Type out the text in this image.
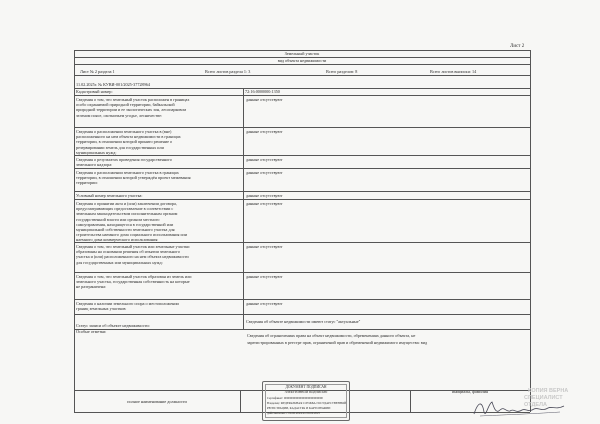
Лист 2
Земельный участок
вид объекта недвижимости
Лист № 2 раздела 1	Всего листов раздела 1: 3	Всего разделов: 8	Всего листов выписки: 14
11.02.2025г. № КУВИ-001/2025-37728964
Кадастровый номер:	72:16:0000000:1350
Сведения о том, что земельный участок расположен в границах
особо охраняемой природной территории, 6айкальской
природной территории и ее экологических зон, лесопарковом
зеленом поясе, охотничьем угодье, лесничестве:
данные отсутствуют
Сведения о расположении земельного участка в (вне)
расположенного на нем объекта недвижимости в границах
территории, в отношении которой принято решение о
резервировании земель для государственных или
муниципальных нужд:
данные отсутствуют
Сведения о результатах проведения государственного
земельного надзора:
данные отсутствуют
Сведения о расположении земельного участка в границах
территории, в отношении которой утверждён проект межевания
территории:
данные отсутствуют
Условный номер земельного участка:	данные отсутствуют
Сведения о принятии акта и (или) заключении договора,
предусматривающих предоставление в соответствии с
земельным законодательством исполнительным органом
государственной власти или органом местного
самоуправления, находящегося в государственной или
муниципальной собственности земельного участка для
строительства наемного дома социального использования или
наемного дома коммерческого использования:
данные отсутствуют
Сведения о том, что земельный участок или земельные участки
образованы на основании решения об изъятии земельного
участка и (или) расположенного на нем объекта недвижимости
для государственных или муниципальных нужд:
данные отсутствуют
Сведения о том, что земельный участок образован из земель или
земельного участка, государственная собственность на которые
не разграничена:
данные отсутствуют
Сведения о наличии земельного спора о местоположении
границ земельных участков:
данные отсутствуют
Статус записи об объекте недвижимости:
Сведения об объекте недвижимости имеют статус "актуальные"
Особые отметки:
Сведения об ограничениях права на объект недвижимости, обременениях данного объекта, не
зарегистрированных в реестре прав, ограничений прав и обременений недвижимого имущества: вид
полное наименование должности
инициалы, фамилия
ДОКУМЕНТ ПОДПИСАН
ЭЛЕКТРОННОЙ ПОДПИСЬЮ
Сертификат: 00000000000000000000000000
Владелец: ФЕДЕРАЛЬНАЯ СЛУЖБА ГОСУДАРСТВЕННОЙ
РЕГИСТРАЦИИ, КАДАСТРА И КАРТОГРАФИИ
Действителен: с 00.00.2024 по 00.00.2025
КОПИЯ ВЕРНА
СПЕЦИАЛИСТ
ОТДЕЛА
